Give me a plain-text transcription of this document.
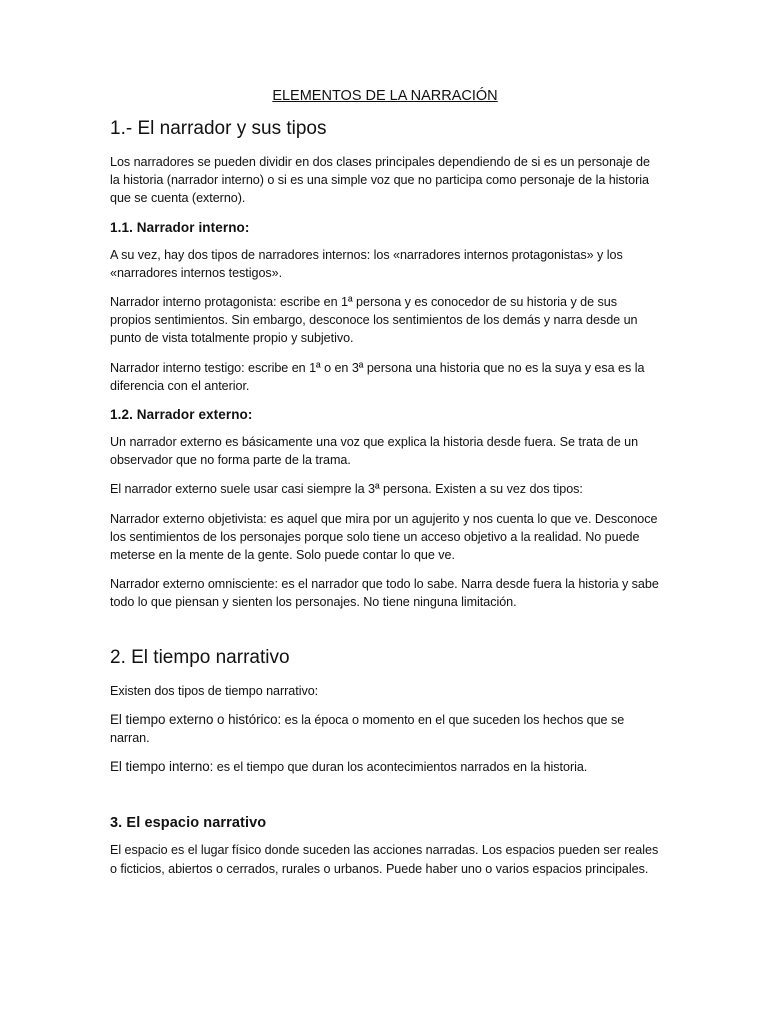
ELEMENTOS DE LA NARRACIÓN
1.- El narrador y sus tipos

Los narradores se pueden dividir en dos clases principales dependiendo de si es un personaje de la historia (narrador interno) o si es una simple voz que no participa como personaje de la historia que se cuenta (externo).

1.1. Narrador interno:

A su vez, hay dos tipos de narradores internos: los «narradores internos protagonistas» y los «narradores internos testigos».

Narrador interno protagonista: escribe en 1ª persona y es conocedor de su historia y de sus propios sentimientos. Sin embargo, desconoce los sentimientos de los demás y narra desde un punto de vista totalmente propio y subjetivo.

Narrador interno testigo: escribe en 1ª o en 3ª persona una historia que no es la suya y esa es la diferencia con el anterior.

1.2. Narrador externo:

Un narrador externo es básicamente una voz que explica la historia desde fuera. Se trata de un observador que no forma parte de la trama.

El narrador externo suele usar casi siempre la 3ª persona. Existen a su vez dos tipos:

Narrador externo objetivista: es aquel que mira por un agujerito y nos cuenta lo que ve. Desconoce los sentimientos de los personajes porque solo tiene un acceso objetivo a la realidad. No puede meterse en la mente de la gente. Solo puede contar lo que ve.

Narrador externo omnisciente: es el narrador que todo lo sabe. Narra desde fuera la historia y sabe todo lo que piensan y sienten los personajes. No tiene ninguna limitación.

2. El tiempo narrativo

Existen dos tipos de tiempo narrativo:

El tiempo externo o histórico: es la época o momento en el que suceden los hechos que se narran.

El tiempo interno: es el tiempo que duran los acontecimientos narrados en la historia.

3. El espacio narrativo

El espacio es el lugar físico donde suceden las acciones narradas. Los espacios pueden ser reales o ficticios, abiertos o cerrados, rurales o urbanos. Puede haber uno o varios espacios principales.
